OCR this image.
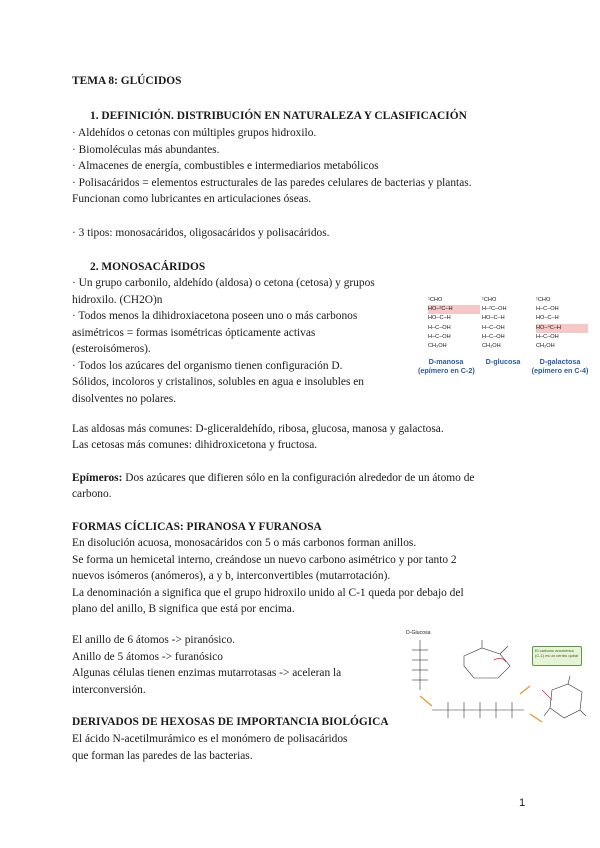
TEMA 8: GLÚCIDOS
1. DEFINICIÓN. DISTRIBUCIÓN EN NATURALEZA Y CLASIFICACIÓN
· Aldehídos o cetonas con múltiples grupos hidroxilo.
· Biomoléculas más abundantes.
· Almacenes de energía, combustibles e intermediarios metabólicos
· Polisacáridos = elementos estructurales de las paredes celulares de bacterias y plantas.
Funcionan como lubricantes en articulaciones óseas.
· 3 tipos: monosacáridos, oligosacáridos y polisacáridos.
2. MONOSACÁRIDOS
· Un grupo carbonilo, aldehído (aldosa) o cetona (cetosa) y grupos
hidroxilo. (CH2O)n
· Todos menos la dihidroxiacetona poseen uno o más carbonos
asimétricos = formas isométricas ópticamente activas
(esteroisómeros).
· Todos los azúcares del organismo tienen configuración D.
Sólidos, incoloros y cristalinos, solubles en agua e insolubles en
disolventes no polares.
¹CHO
HO–²C–H
HO–C–H
H–C–OH
H–C–OH
CH₂OH
¹CHO
H–²C–OH
HO–C–H
H–C–OH
H–C–OH
CH₂OH
¹CHO
H–C–OH
HO–C–H
HO–⁴C–H
H–C–OH
CH₂OH
D-manosa
(epímero en C-2)
D-glucosa	D-galactosa
(epímero en C-4)
Las aldosas más comunes: D-gliceraldehído, ribosa, glucosa, manosa y galactosa.
Las cetosas más comunes: dihidroxicetona y fructosa.
Epímeros: Dos azúcares que difieren sólo en la configuración alrededor de un átomo de
carbono.
FORMAS CÍCLICAS: PIRANOSA Y FURANOSA
En disolución acuosa, monosacáridos con 5 o más carbonos forman anillos.
Se forma un hemicetal interno, creándose un nuevo carbono asimétrico y por tanto 2
nuevos isómeros (anómeros), a y b, interconvertibles (mutarrotación).
La denominación a significa que el grupo hidroxilo unido al C-1 queda por debajo del
plano del anillo, B significa que está por encima.
El anillo de 6 átomos -> piranósico.
Anillo de 5 átomos -> furanósico
Algunas células tienen enzimas mutarrotasas -> aceleran la
interconversión.
D-Glucosa
El carbono anomérico (C-1) es un centro quiral
DERIVADOS DE HEXOSAS DE IMPORTANCIA BIOLÓGICA
El ácido N-acetilmurámico es el monómero de polisacáridos
que forman las paredes de las bacterias.
1
